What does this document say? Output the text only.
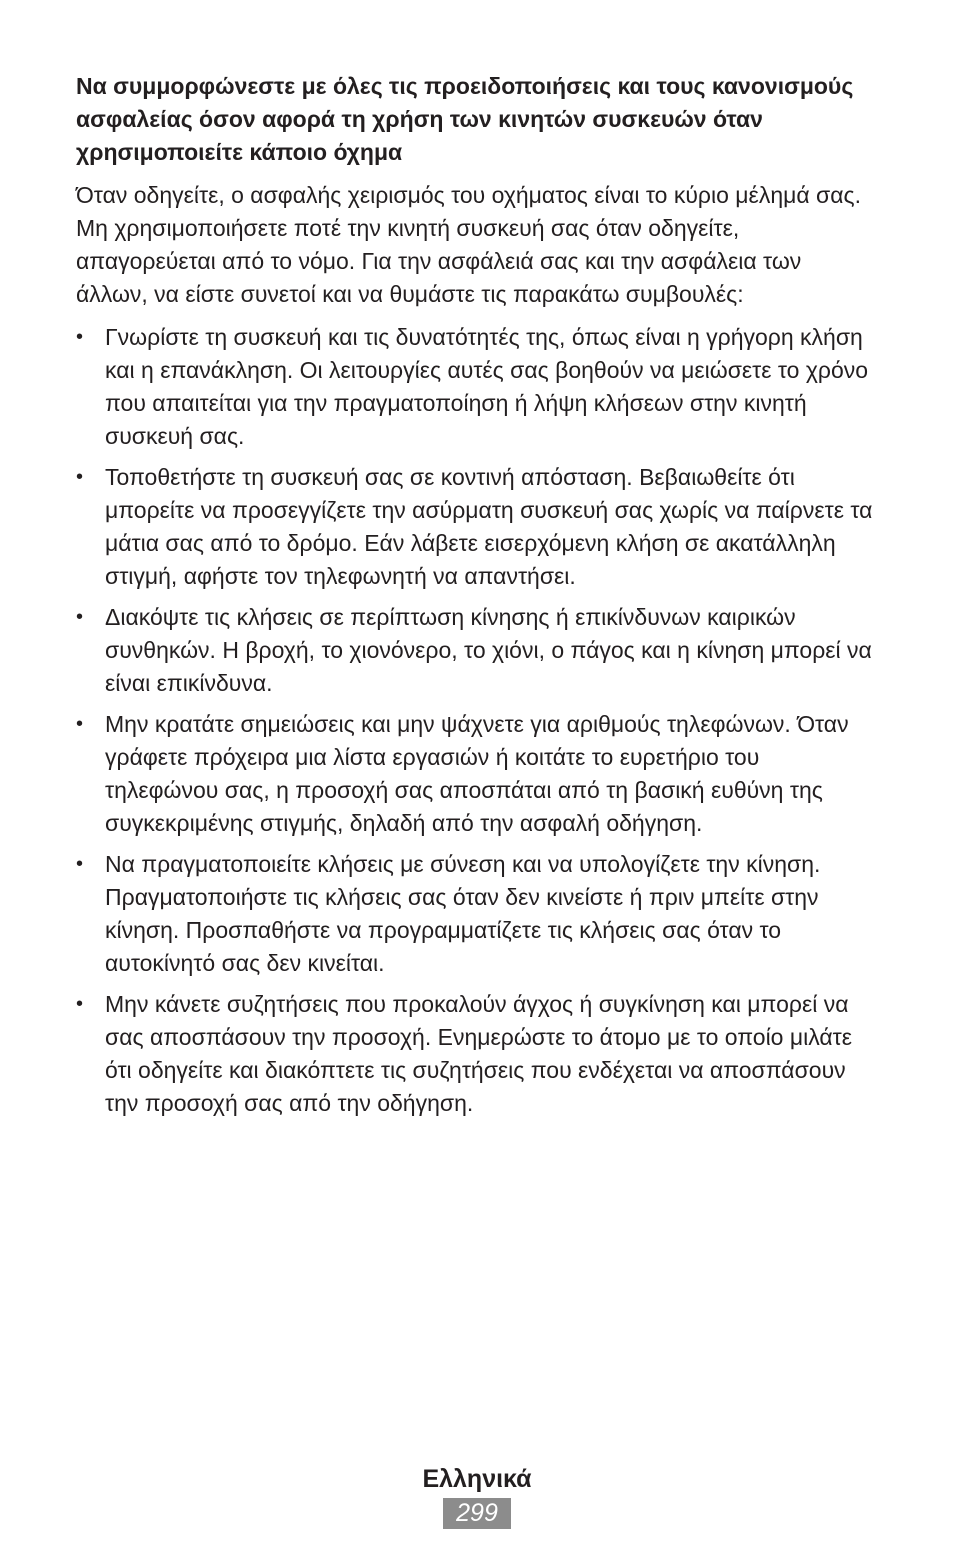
Να συμμορφώνεστε με όλες τις προειδοποιήσεις και τους κανονισμούς ασφαλείας όσον αφορά τη χρήση των κινητών συσκευών όταν χρησιμοποιείτε κάποιο όχημα
Όταν οδηγείτε, ο ασφαλής χειρισμός του οχήματος είναι το κύριο μέλημά σας. Μη χρησιμοποιήσετε ποτέ την κινητή συσκευή σας όταν οδηγείτε, απαγορεύεται από το νόμο. Για την ασφάλειά σας και την ασφάλεια των άλλων, να είστε συνετοί και να θυμάστε τις παρακάτω συμβουλές:
• Γνωρίστε τη συσκευή και τις δυνατότητές της, όπως είναι η γρήγορη κλήση και η επανάκληση. Οι λειτουργίες αυτές σας βοηθούν να μειώσετε το χρόνο που απαιτείται για την πραγματοποίηση ή λήψη κλήσεων στην κινητή συσκευή σας.
• Τοποθετήστε τη συσκευή σας σε κοντινή απόσταση. Βεβαιωθείτε ότι μπορείτε να προσεγγίζετε την ασύρματη συσκευή σας χωρίς να παίρνετε τα μάτια σας από το δρόμο. Εάν λάβετε εισερχόμενη κλήση σε ακατάλληλη στιγμή, αφήστε τον τηλεφωνητή να απαντήσει.
• Διακόψτε τις κλήσεις σε περίπτωση κίνησης ή επικίνδυνων καιρικών συνθηκών. Η βροχή, το χιονόνερο, το χιόνι, ο πάγος και η κίνηση μπορεί να είναι επικίνδυνα.
• Μην κρατάτε σημειώσεις και μην ψάχνετε για αριθμούς τηλεφώνων. Όταν γράφετε πρόχειρα μια λίστα εργασιών ή κοιτάτε το ευρετήριο του τηλεφώνου σας, η προσοχή σας αποσπάται από τη βασική ευθύνη της συγκεκριμένης στιγμής, δηλαδή από την ασφαλή οδήγηση.
• Να πραγματοποιείτε κλήσεις με σύνεση και να υπολογίζετε την κίνηση. Πραγματοποιήστε τις κλήσεις σας όταν δεν κινείστε ή πριν μπείτε στην κίνηση. Προσπαθήστε να προγραμματίζετε τις κλήσεις σας όταν το αυτοκίνητό σας δεν κινείται.
• Μην κάνετε συζητήσεις που προκαλούν άγχος ή συγκίνηση και μπορεί να σας αποσπάσουν την προσοχή. Ενημερώστε το άτομο με το οποίο μιλάτε ότι οδηγείτε και διακόπτετε τις συζητήσεις που ενδέχεται να αποσπάσουν την προσοχή σας από την οδήγηση.
Ελληνικά
299
